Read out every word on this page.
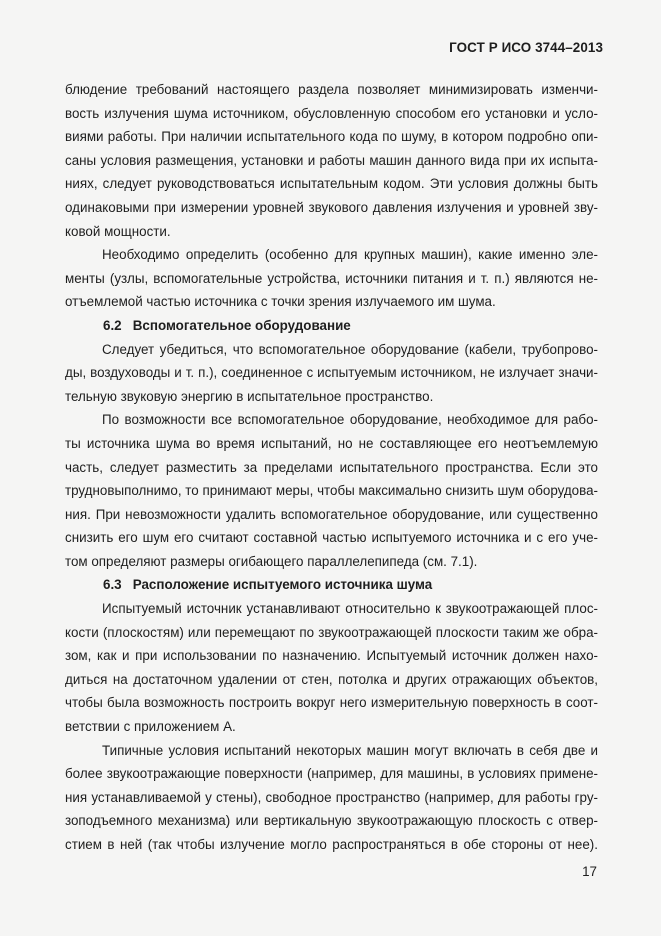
ГОСТ Р ИСО 3744–2013
блюдение требований настоящего раздела позволяет минимизировать изменчи-
вость излучения шума источником, обусловленную способом его установки и усло-
виями работы. При наличии испытательного кода по шуму, в котором подробно опи-
саны условия размещения, установки и работы машин данного вида при их испыта-
ниях, следует руководствоваться испытательным кодом. Эти условия должны быть
одинаковыми при измерении уровней звукового давления излучения и уровней зву-
ковой мощности.
Необходимо определить (особенно для крупных машин), какие именно эле-
менты (узлы, вспомогательные устройства, источники питания и т. п.) являются не-
отъемлемой частью источника с точки зрения излучаемого им шума.
6.2 Вспомогательное оборудование
Следует убедиться, что вспомогательное оборудование (кабели, трубопрово-
ды, воздуховоды и т. п.), соединенное с испытуемым источником, не излучает значи-
тельную звуковую энергию в испытательное пространство.
По возможности все вспомогательное оборудование, необходимое для рабо-
ты источника шума во время испытаний, но не составляющее его неотъемлемую
часть, следует разместить за пределами испытательного пространства. Если это
трудновыполнимо, то принимают меры, чтобы максимально снизить шум оборудова-
ния. При невозможности удалить вспомогательное оборудование, или существенно
снизить его шум его считают составной частью испытуемого источника и с его уче-
том определяют размеры огибающего параллелепипеда (см. 7.1).
6.3 Расположение испытуемого источника шума
Испытуемый источник устанавливают относительно к звукоотражающей плос-
кости (плоскостям) или перемещают по звукоотражающей плоскости таким же обра-
зом, как и при использовании по назначению. Испытуемый источник должен нахо-
диться на достаточном удалении от стен, потолка и других отражающих объектов,
чтобы была возможность построить вокруг него измерительную поверхность в соот-
ветствии с приложением А.
Типичные условия испытаний некоторых машин могут включать в себя две и
более звукоотражающие поверхности (например, для машины, в условиях примене-
ния устанавливаемой у стены), свободное пространство (например, для работы гру-
зоподъемного механизма) или вертикальную звукоотражающую плоскость с отвер-
стием в ней (так чтобы излучение могло распространяться в обе стороны от нее).
17
